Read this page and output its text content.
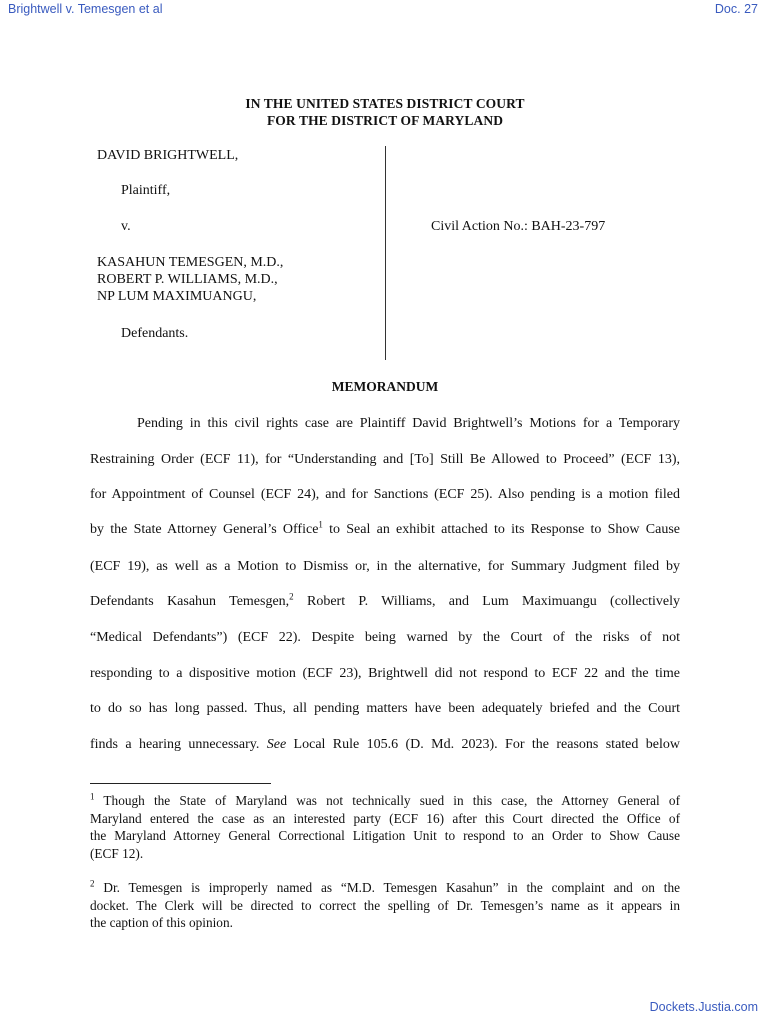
Brightwell v. Temesgen et al	Doc. 27
IN THE UNITED STATES DISTRICT COURT
FOR THE DISTRICT OF MARYLAND
DAVID BRIGHTWELL,
Plaintiff,
v.
KASAHUN TEMESGEN, M.D.,
ROBERT P. WILLIAMS, M.D.,
NP LUM MAXIMUANGU,
Defendants.
Civil Action No.: BAH-23-797
MEMORANDUM
Pending in this civil rights case are Plaintiff David Brightwell’s Motions for a Temporary
Restraining Order (ECF 11), for “Understanding and [To] Still Be Allowed to Proceed” (ECF 13),
for Appointment of Counsel (ECF 24), and for Sanctions (ECF 25). Also pending is a motion filed
by the State Attorney General’s Office$^1$ to Seal an exhibit attached to its Response to Show Cause
(ECF 19), as well as a Motion to Dismiss or, in the alternative, for Summary Judgment filed by
Defendants Kasahun Temesgen,$^2$ Robert P. Williams, and Lum Maximuangu (collectively
“Medical Defendants”) (ECF 22). Despite being warned by the Court of the risks of not
responding to a dispositive motion (ECF 23), Brightwell did not respond to ECF 22 and the time
to do so has long passed. Thus, all pending matters have been adequately briefed and the Court
finds a hearing unnecessary. See Local Rule 105.6 (D. Md. 2023). For the reasons stated below
$^1$ Though the State of Maryland was not technically sued in this case, the Attorney General of
Maryland entered the case as an interested party (ECF 16) after this Court directed the Office of
the Maryland Attorney General Correctional Litigation Unit to respond to an Order to Show Cause
(ECF 12).
$^2$ Dr. Temesgen is improperly named as “M.D. Temesgen Kasahun” in the complaint and on the
docket. The Clerk will be directed to correct the spelling of Dr. Temesgen’s name as it appears in
the caption of this opinion.
Dockets.Justia.com
